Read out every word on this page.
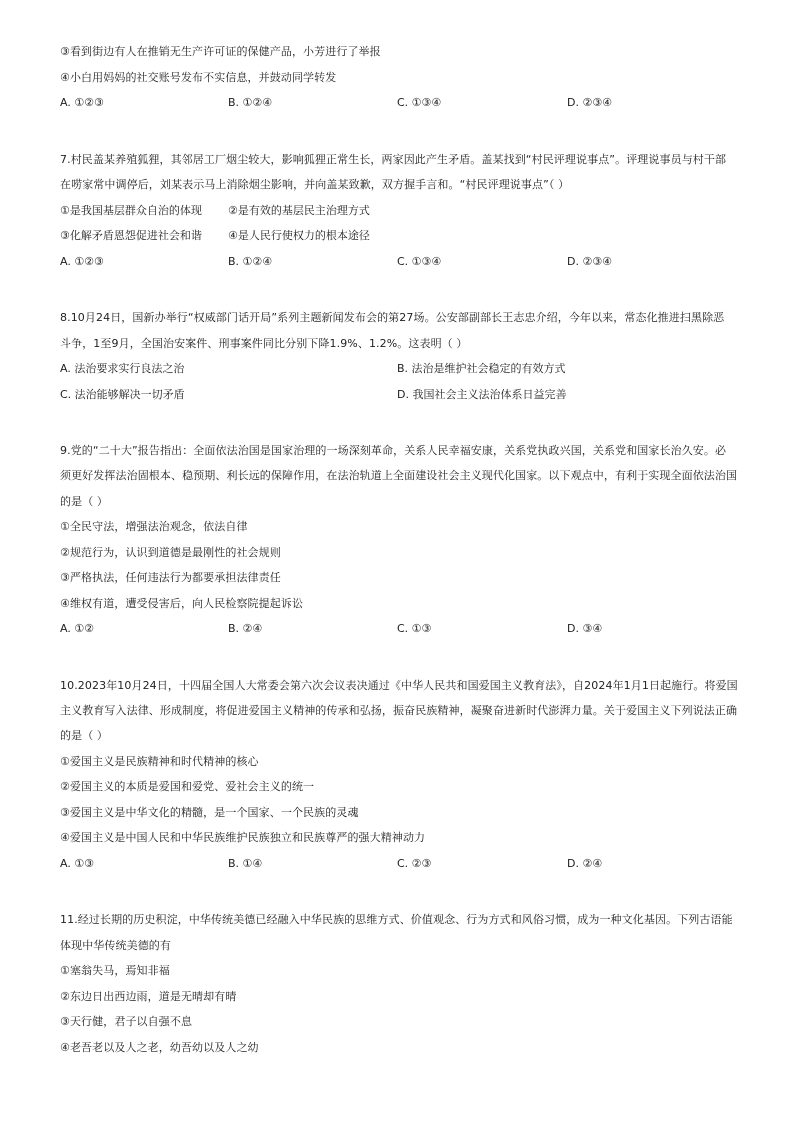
③看到街边有人在推销无生产许可证的保健产品，小芳进行了举报
④小白用妈妈的社交账号发布不实信息，并鼓动同学转发
A. ①②③	B. ①②④	C. ①③④	D. ②③④
7.村民盖某养殖狐狸，其邻居工厂烟尘较大，影响狐狸正常生长，两家因此产生矛盾。盖某找到“村民评理说事点”。评理说事员与村干部
在唠家常中调停后，刘某表示马上消除烟尘影响，并向盖某致歉，双方握手言和。“村民评理说事点”（ ）
①是我国基层群众自治的体现 ②是有效的基层民主治理方式
③化解矛盾恩怨促进社会和谐 ④是人民行使权力的根本途径
A. ①②③	B. ①②④	C. ①③④	D. ②③④
8.10月24日，国新办举行“权威部门话开局”系列主题新闻发布会的第27场。公安部副部长王志忠介绍，今年以来，常态化推进扫黑除恶
斗争，1至9月，全国治安案件、刑事案件同比分别下降1.9%、1.2%。这表明（ ）
A. 法治要求实行良法之治	B. 法治是维护社会稳定的有效方式
C. 法治能够解决一切矛盾	D. 我国社会主义法治体系日益完善
9.党的“二十大”报告指出：全面依法治国是国家治理的一场深刻革命，关系人民幸福安康，关系党执政兴国，关系党和国家长治久安。必
须更好发挥法治固根本、稳预期、利长远的保障作用，在法治轨道上全面建设社会主义现代化国家。以下观点中，有利于实现全面依法治国
的是（ ）
①全民守法，增强法治观念，依法自律
②规范行为，认识到道德是最刚性的社会规则
③严格执法，任何违法行为都要承担法律责任
④维权有道，遭受侵害后，向人民检察院提起诉讼
A. ①②	B. ②④	C. ①③	D. ③④
10.2023年10月24日，十四届全国人大常委会第六次会议表决通过《中华人民共和国爱国主义教育法》，自2024年1月1日起施行。将爱国
主义教育写入法律、形成制度，将促进爱国主义精神的传承和弘扬，振奋民族精神，凝聚奋进新时代澎湃力量。关于爱国主义下列说法正确
的是（ ）
①爱国主义是民族精神和时代精神的核心
②爱国主义的本质是爱国和爱党、爱社会主义的统一
③爱国主义是中华文化的精髓，是一个国家、一个民族的灵魂
④爱国主义是中国人民和中华民族维护民族独立和民族尊严的强大精神动力
A. ①③	B. ①④	C. ②③	D. ②④
11.经过长期的历史积淀，中华传统美德已经融入中华民族的思维方式、价值观念、行为方式和风俗习惯，成为一种文化基因。下列古语能
体现中华传统美德的有
①塞翁失马，焉知非福
②东边日出西边雨，道是无晴却有晴
③天行健，君子以自强不息
④老吾老以及人之老，幼吾幼以及人之幼
